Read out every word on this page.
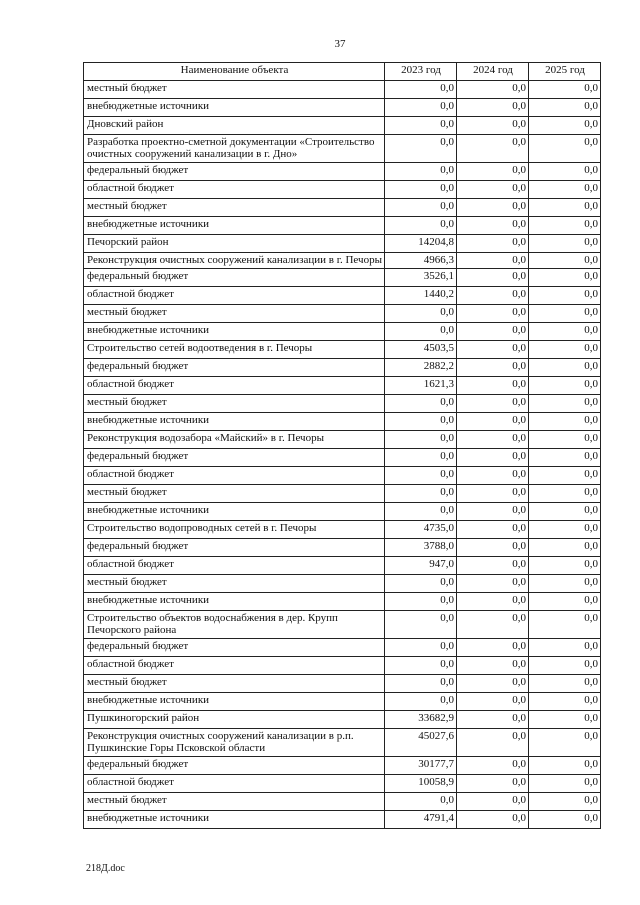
37
Наименование объекта	2023 год	2024 год	2025 год
местный бюджет	0,0	0,0	0,0
внебюджетные источники	0,0	0,0	0,0
Дновский район	0,0	0,0	0,0
Разработка проектно-сметной документации «Строительство очистных сооружений канализации в г. Дно»	0,0	0,0	0,0
федеральный бюджет	0,0	0,0	0,0
областной бюджет	0,0	0,0	0,0
местный бюджет	0,0	0,0	0,0
внебюджетные источники	0,0	0,0	0,0
Печорский район	14204,8	0,0	0,0
Реконструкция очистных сооружений канализации в г. Печоры	4966,3	0,0	0,0
федеральный бюджет	3526,1	0,0	0,0
областной бюджет	1440,2	0,0	0,0
местный бюджет	0,0	0,0	0,0
внебюджетные источники	0,0	0,0	0,0
Строительство сетей водоотведения в г. Печоры	4503,5	0,0	0,0
федеральный бюджет	2882,2	0,0	0,0
областной бюджет	1621,3	0,0	0,0
местный бюджет	0,0	0,0	0,0
внебюджетные источники	0,0	0,0	0,0
Реконструкция водозабора «Майский» в г. Печоры	0,0	0,0	0,0
федеральный бюджет	0,0	0,0	0,0
областной бюджет	0,0	0,0	0,0
местный бюджет	0,0	0,0	0,0
внебюджетные источники	0,0	0,0	0,0
Строительство водопроводных сетей в г. Печоры	4735,0	0,0	0,0
федеральный бюджет	3788,0	0,0	0,0
областной бюджет	947,0	0,0	0,0
местный бюджет	0,0	0,0	0,0
внебюджетные источники	0,0	0,0	0,0
Строительство объектов водоснабжения в дер. Крупп Печорского района	0,0	0,0	0,0
федеральный бюджет	0,0	0,0	0,0
областной бюджет	0,0	0,0	0,0
местный бюджет	0,0	0,0	0,0
внебюджетные источники	0,0	0,0	0,0
Пушкиногорский район	33682,9	0,0	0,0
Реконструкция очистных сооружений канализации в р.п. Пушкинские Горы Псковской области	45027,6	0,0	0,0
федеральный бюджет	30177,7	0,0	0,0
областной бюджет	10058,9	0,0	0,0
местный бюджет	0,0	0,0	0,0
внебюджетные источники	4791,4	0,0	0,0
218Д.doc
